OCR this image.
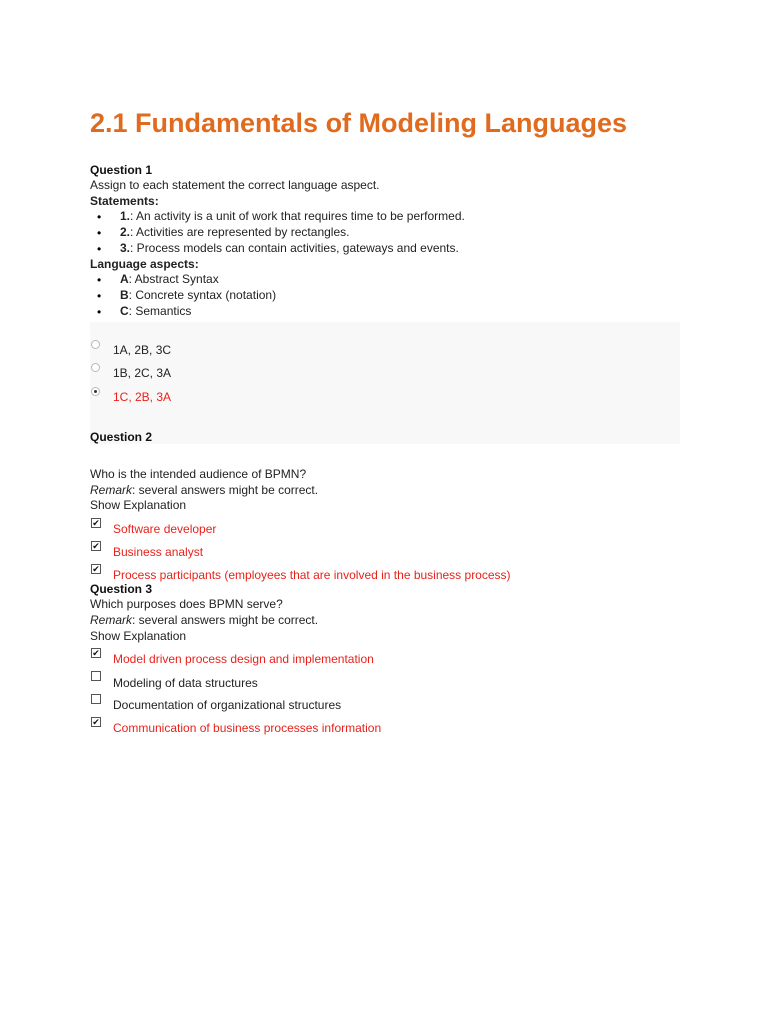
2.1 Fundamentals of Modeling Languages
Question 1
Assign to each statement the correct language aspect.
Statements:
• 1.: An activity is a unit of work that requires time to be performed.
• 2.: Activities are represented by rectangles.
• 3.: Process models can contain activities, gateways and events.
Language aspects:
• A: Abstract Syntax
• B: Concrete syntax (notation)
• C: Semantics
1A, 2B, 3C
1B, 2C, 3A
1C, 2B, 3A
Question 2
Who is the intended audience of BPMN?
Remark: several answers might be correct.
Show Explanation
✔ Software developer
✔ Business analyst
✔ Process participants (employees that are involved in the business process)
Question 3
Which purposes does BPMN serve?
Remark: several answers might be correct.
Show Explanation
✔ Model driven process design and implementation
Modeling of data structures
Documentation of organizational structures
✔ Communication of business processes information
